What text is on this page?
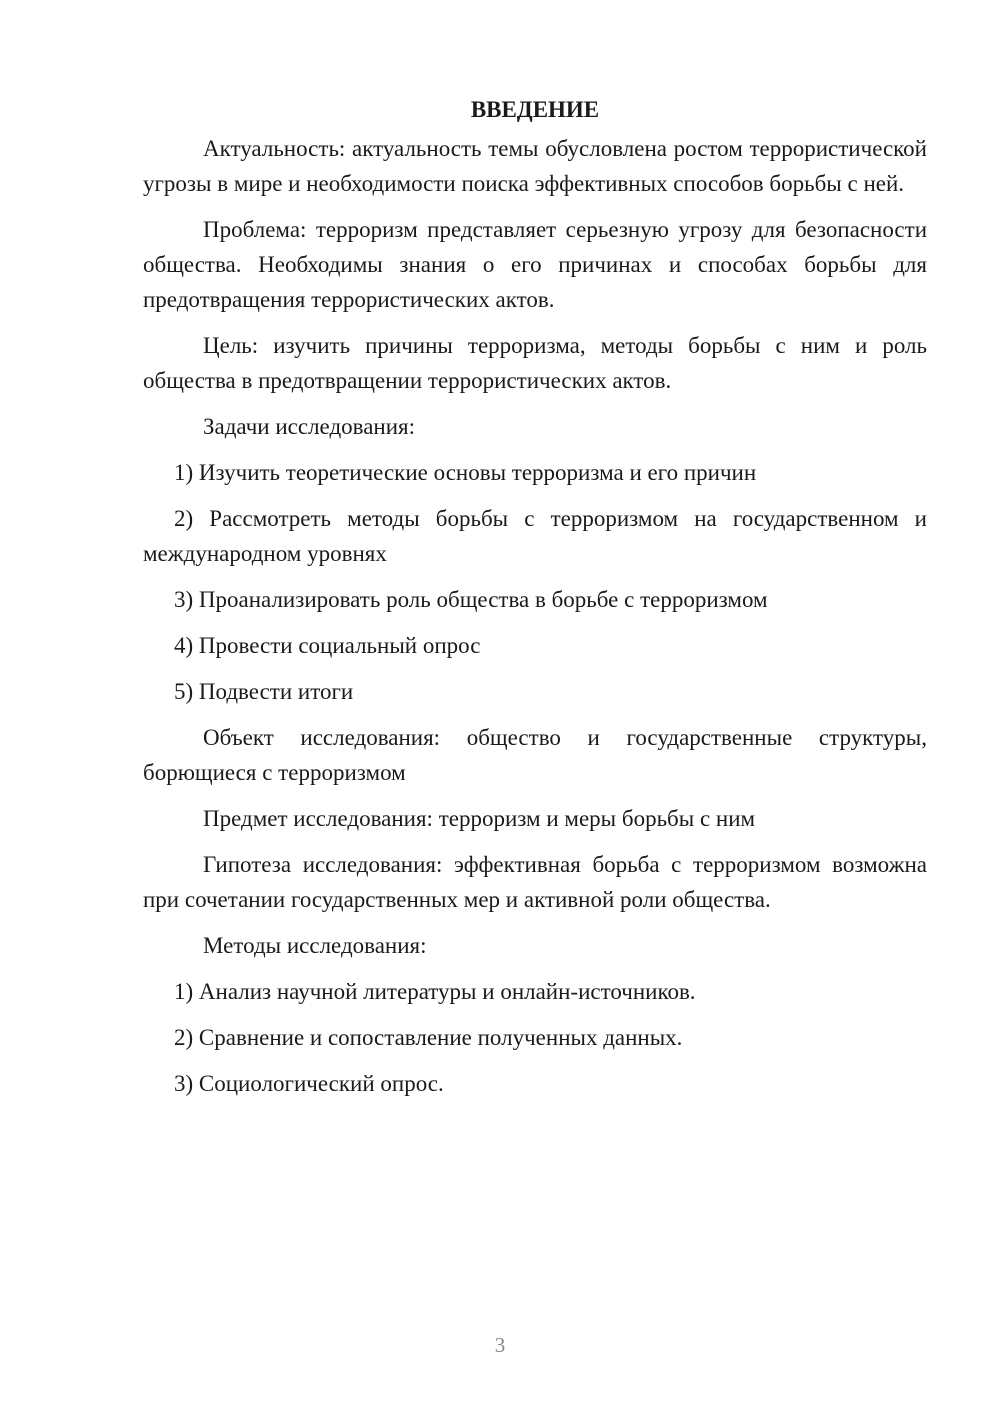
ВВЕДЕНИЕ

Актуальность: актуальность темы обусловлена ростом террористической угрозы в мире и необходимости поиска эффективных способов борьбы с ней.

Проблема: терроризм представляет серьезную угрозу для безопасности общества. Необходимы знания о его причинах и способах борьбы для предотвращения террористических актов.

Цель: изучить причины терроризма, методы борьбы с ним и роль общества в предотвращении террористических актов.

Задачи исследования:

1) Изучить теоретические основы терроризма и его причин

2) Рассмотреть методы борьбы с терроризмом на государственном и международном уровнях

3) Проанализировать роль общества в борьбе с терроризмом

4) Провести социальный опрос

5) Подвести итоги

Объект исследования: общество и государственные структуры, борющиеся с терроризмом

Предмет исследования: терроризм и меры борьбы с ним

Гипотеза исследования: эффективная борьба с терроризмом возможна при сочетании государственных мер и активной роли общества.

Методы исследования:

1) Анализ научной литературы и онлайн-источников.

2) Сравнение и сопоставление полученных данных.

3) Социологический опрос.

3
